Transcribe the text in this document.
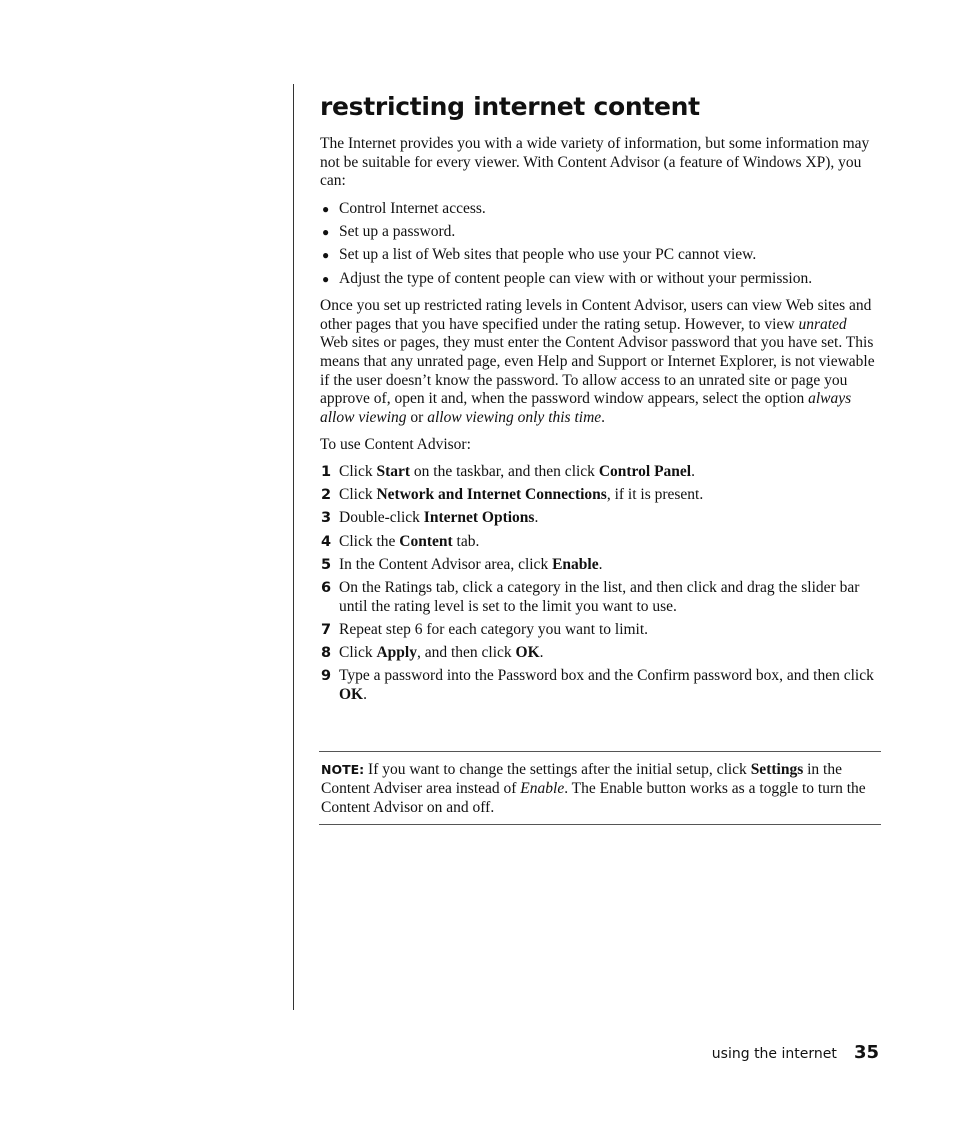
restricting internet content

The Internet provides you with a wide variety of information, but some information may not be suitable for every viewer. With Content Advisor (a feature of Windows XP), you can:

● Control Internet access.
● Set up a password.
● Set up a list of Web sites that people who use your PC cannot view.
● Adjust the type of content people can view with or without your permission.

Once you set up restricted rating levels in Content Advisor, users can view Web sites and other pages that you have specified under the rating setup. However, to view unrated Web sites or pages, they must enter the Content Advisor password that you have set. This means that any unrated page, even Help and Support or Internet Explorer, is not viewable if the user doesn’t know the password. To allow access to an unrated site or page you approve of, open it and, when the password window appears, select the option always allow viewing or allow viewing only this time.

To use Content Advisor:

1 Click Start on the taskbar, and then click Control Panel.
2 Click Network and Internet Connections, if it is present.
3 Double-click Internet Options.
4 Click the Content tab.
5 In the Content Advisor area, click Enable.
6 On the Ratings tab, click a category in the list, and then click and drag the slider bar until the rating level is set to the limit you want to use.
7 Repeat step 6 for each category you want to limit.
8 Click Apply, and then click OK.
9 Type a password into the Password box and the Confirm password box, and then click OK.
NOTE: If you want to change the settings after the initial setup, click Settings in the Content Adviser area instead of Enable. The Enable button works as a toggle to turn the Content Advisor on and off.
using the internet 35
